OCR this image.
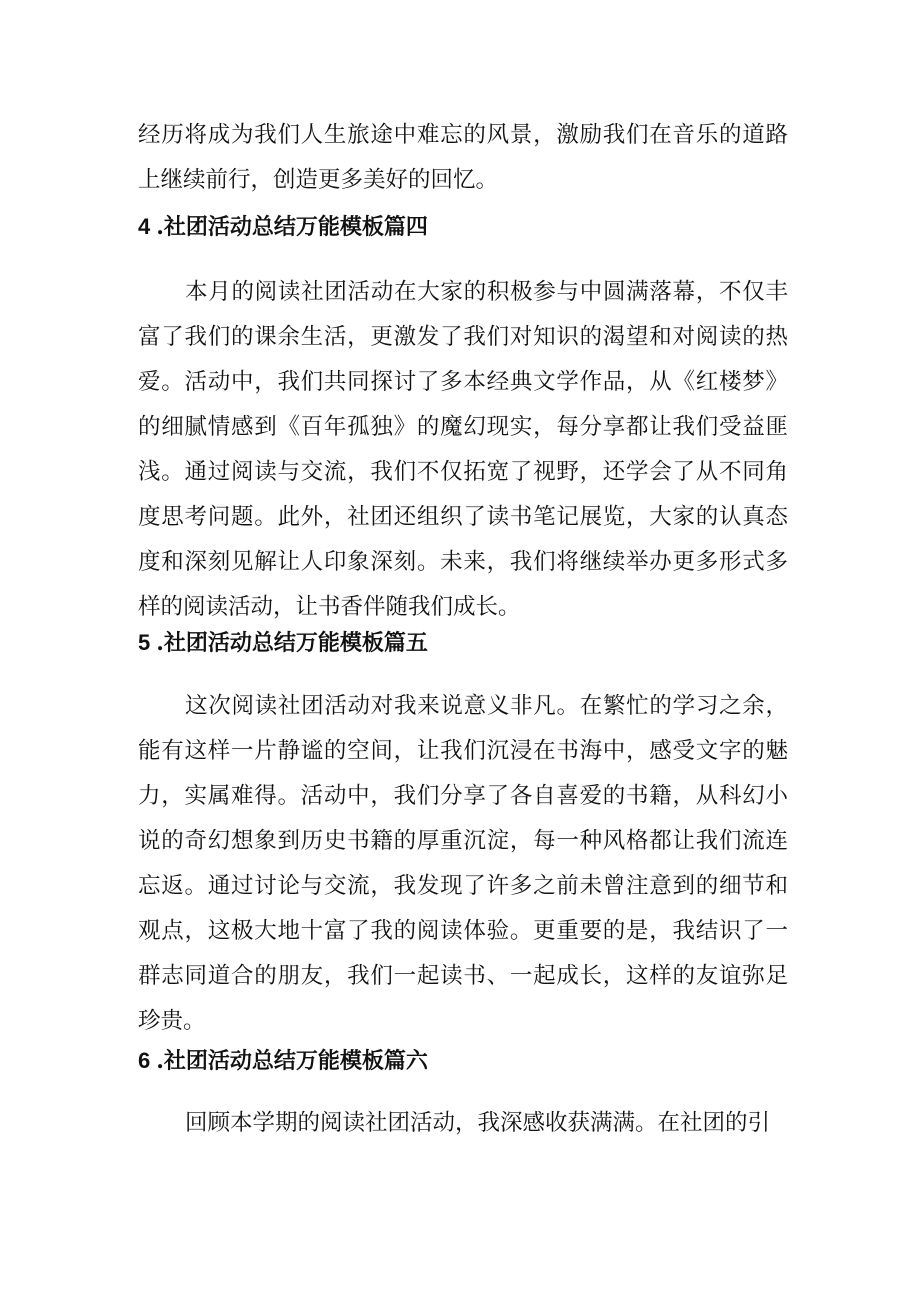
经历将成为我们人生旅途中难忘的风景，激励我们在音乐的道路上继续前行，创造更多美好的回忆。

4 .社团活动总结万能模板篇四

本月的阅读社团活动在大家的积极参与中圆满落幕，不仅丰富了我们的课余生活，更激发了我们对知识的渴望和对阅读的热爱。活动中，我们共同探讨了多本经典文学作品，从《红楼梦》的细腻情感到《百年孤独》的魔幻现实，每分享都让我们受益匪浅。通过阅读与交流，我们不仅拓宽了视野，还学会了从不同角度思考问题。此外，社团还组织了读书笔记展览，大家的认真态度和深刻见解让人印象深刻。未来，我们将继续举办更多形式多样的阅读活动，让书香伴随我们成长。

5 .社团活动总结万能模板篇五

这次阅读社团活动对我来说意义非凡。在繁忙的学习之余，能有这样一片静谧的空间，让我们沉浸在书海中，感受文字的魅力，实属难得。活动中，我们分享了各自喜爱的书籍，从科幻小说的奇幻想象到历史书籍的厚重沉淀，每一种风格都让我们流连忘返。通过讨论与交流，我发现了许多之前未曾注意到的细节和观点，这极大地十富了我的阅读体验。更重要的是，我结识了一群志同道合的朋友，我们一起读书、一起成长，这样的友谊弥足珍贵。

6 .社团活动总结万能模板篇六

回顾本学期的阅读社团活动，我深感收获满满。在社团的引
